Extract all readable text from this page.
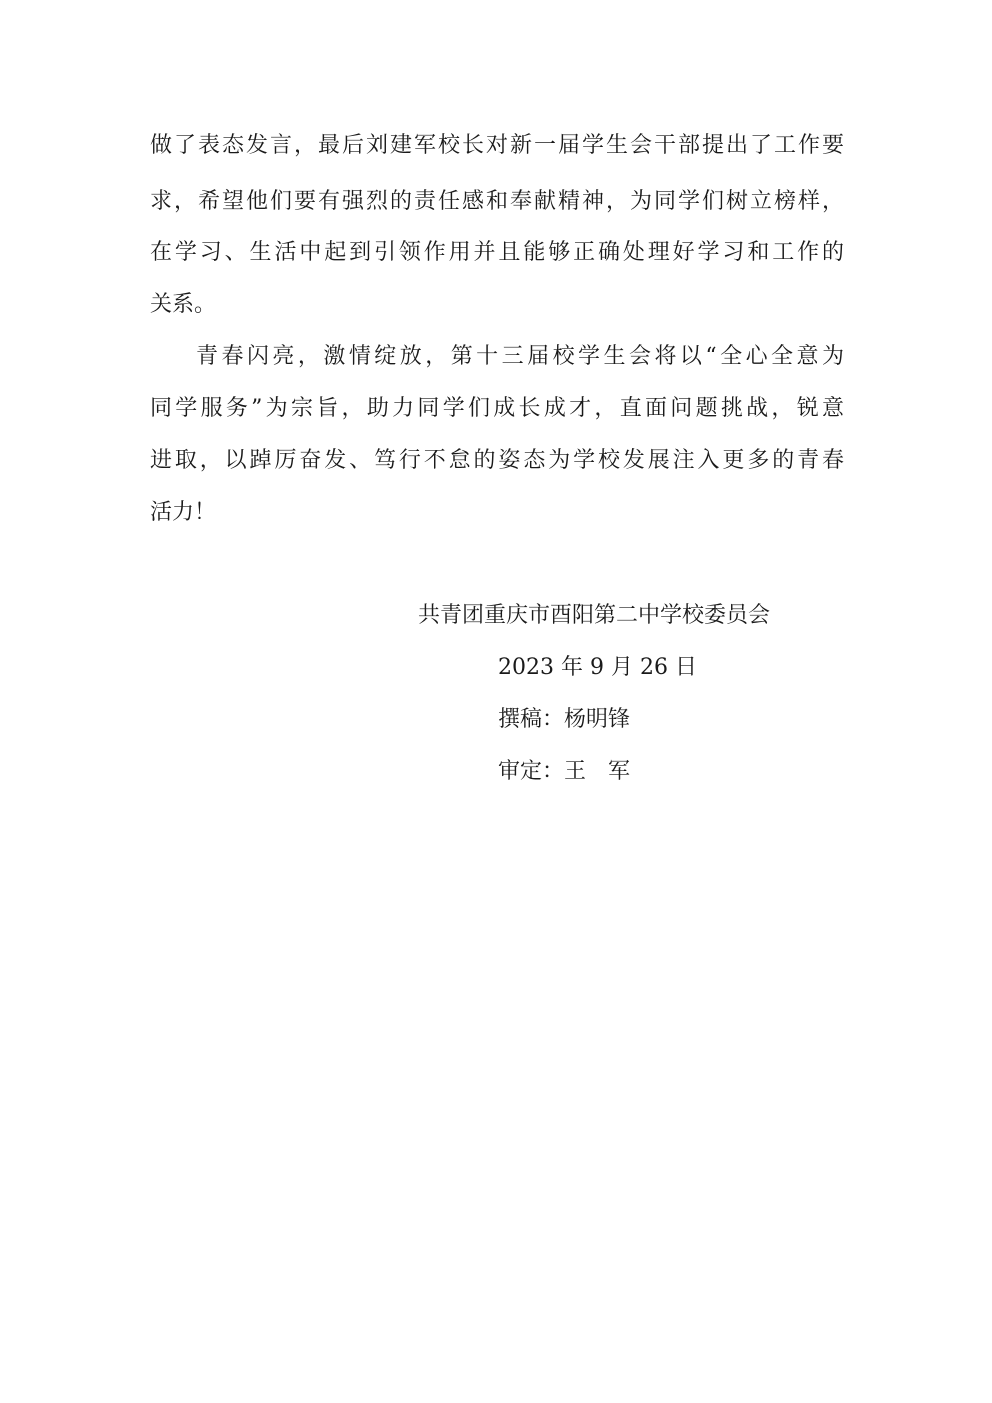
做了表态发言，最后刘建军校长对新一届学生会干部提出了工作要
求，希望他们要有强烈的责任感和奉献精神，为同学们树立榜样，
在学习、生活中起到引领作用并且能够正确处理好学习和工作的
关系。
青春闪亮，激情绽放，第十三届校学生会将以“全心全意为
同学服务”为宗旨，助力同学们成长成才，直面问题挑战，锐意
进取，以踔厉奋发、笃行不怠的姿态为学校发展注入更多的青春
活力！
共青团重庆市酉阳第二中学校委员会
2023 年 9 月 26 日
撰稿：杨明锋
审定：王　军
